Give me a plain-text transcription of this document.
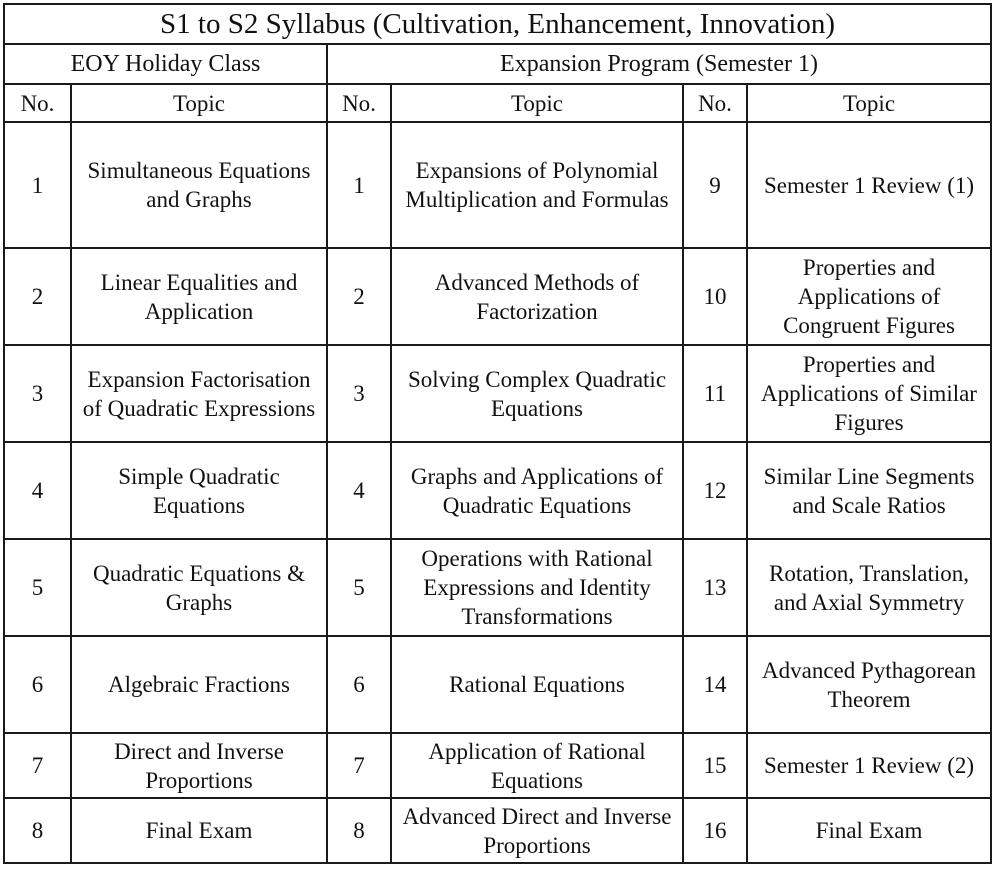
S1 to S2 Syllabus (Cultivation, Enhancement, Innovation)					
EOY Holiday Class		Expansion Program (Semester 1)			
No.	Topic	No.	Topic	No.	Topic
1	Simultaneous Equations and Graphs	1	Expansions of Polynomial Multiplication and Formulas	9	Semester 1 Review (1)
2	Linear Equalities and Application	2	Advanced Methods of Factorization	10	Properties and Applications of Congruent Figures
3	Expansion Factorisation of Quadratic Expressions	3	Solving Complex Quadratic Equations	11	Properties and Applications of Similar Figures
4	Simple Quadratic Equations	4	Graphs and Applications of Quadratic Equations	12	Similar Line Segments and Scale Ratios
5	Quadratic Equations & Graphs	5	Operations with Rational Expressions and Identity Transformations	13	Rotation, Translation, and Axial Symmetry
6	Algebraic Fractions	6	Rational Equations	14	Advanced Pythagorean Theorem
7	Direct and Inverse Proportions	7	Application of Rational Equations	15	Semester 1 Review (2)
8	Final Exam	8	Advanced Direct and Inverse Proportions	16	Final Exam
